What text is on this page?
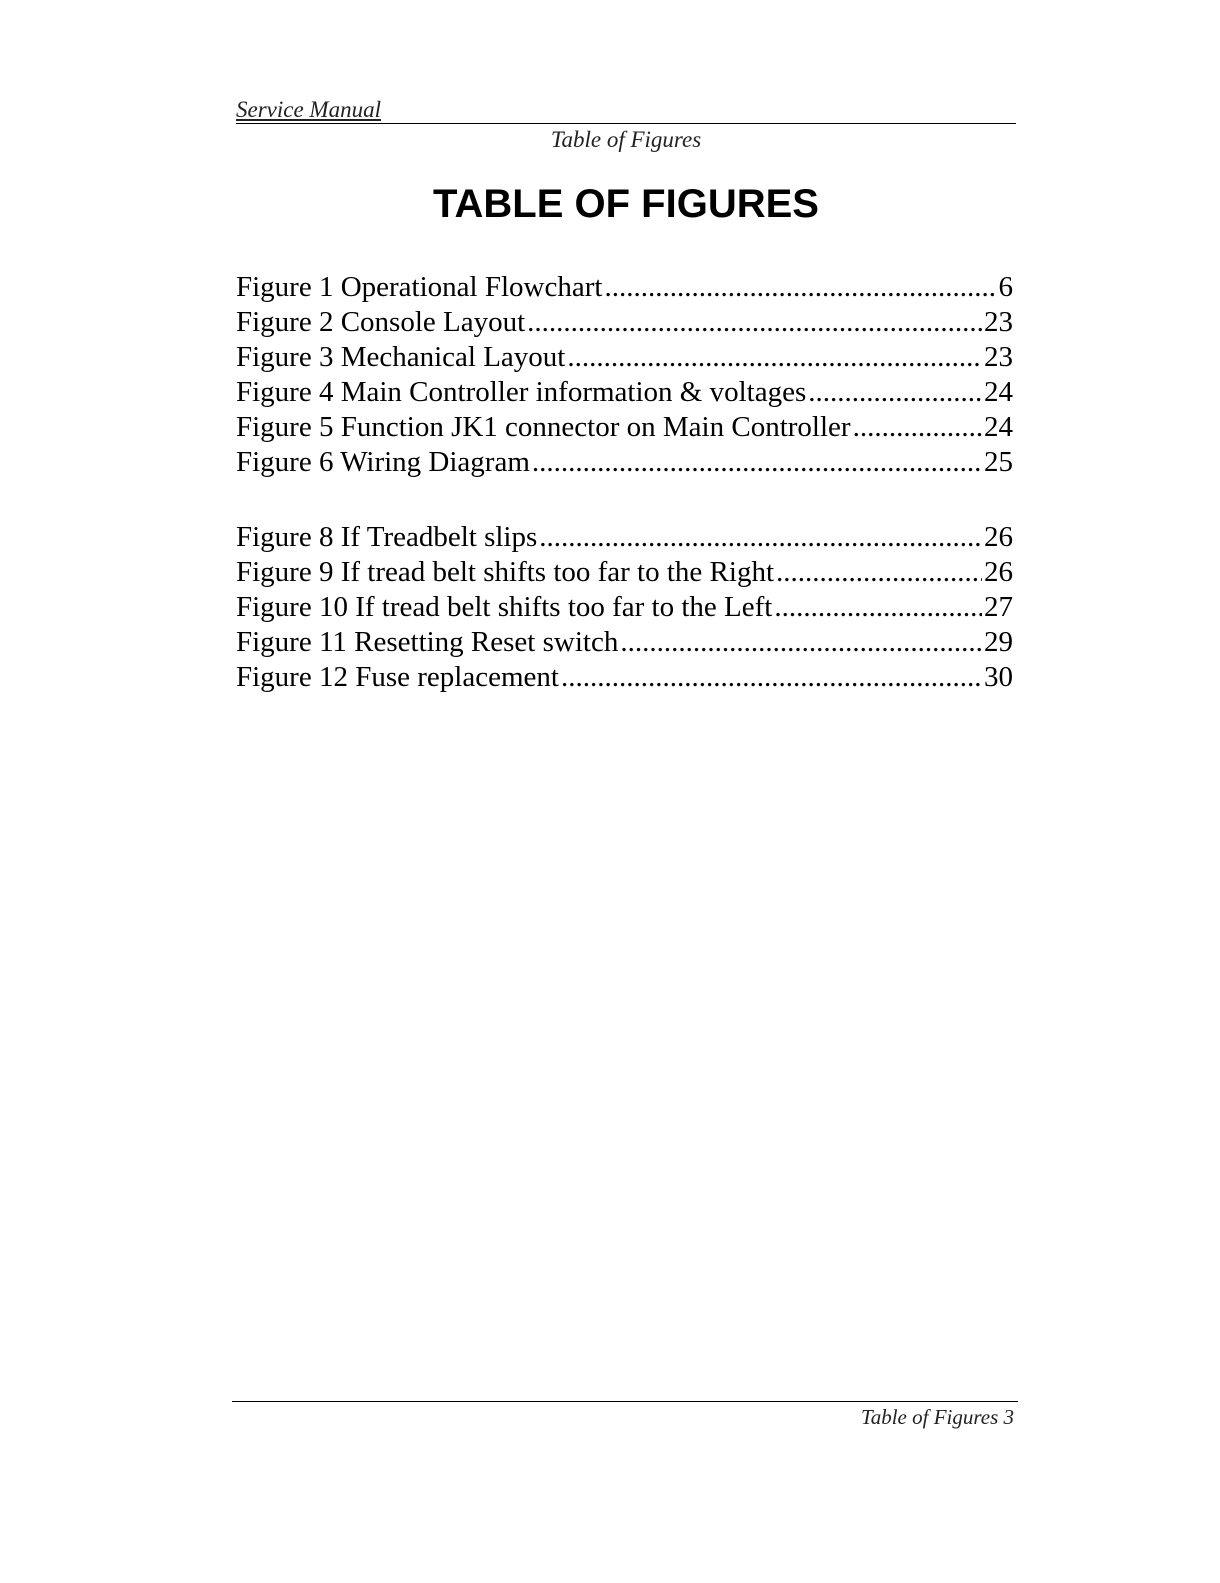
Service Manual
Table of Figures
TABLE OF FIGURES
Figure 1 Operational Flowchart .....	6
Figure 2 Console Layout .....	23
Figure 3 Mechanical Layout .....	23
Figure 4 Main Controller information & voltages .....	24
Figure 5 Function JK1 connector on Main Controller .....	24
Figure 6 Wiring Diagram .....	25
Figure 8 If Treadbelt slips .....	26
Figure 9 If tread belt shifts too far to the Right .....	26
Figure 10 If tread belt shifts too far to the Left .....	27
Figure 11 Resetting Reset switch .....	29
Figure 12 Fuse replacement .....	30
Table of Figures 3
